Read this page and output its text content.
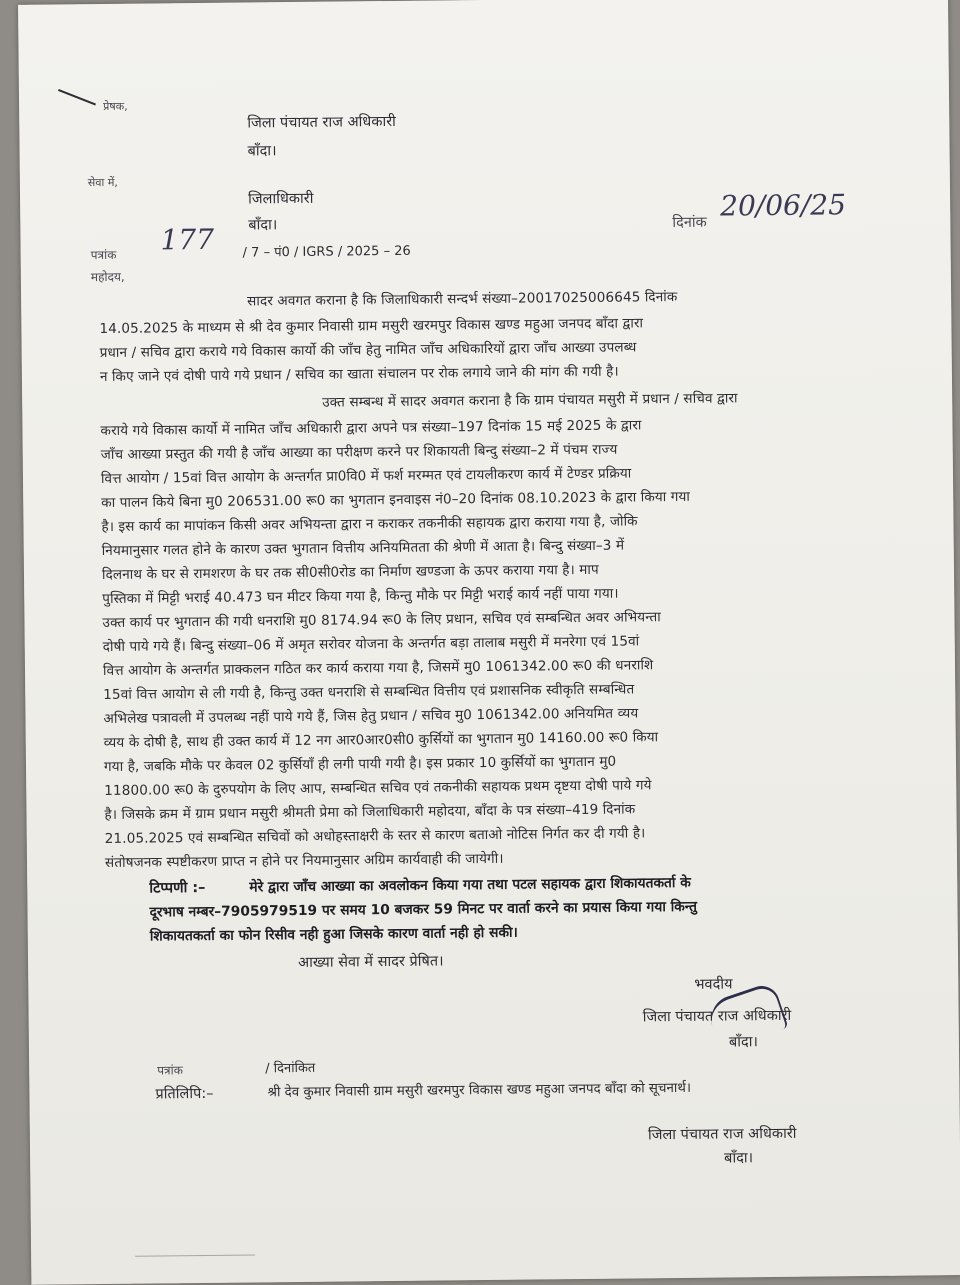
प्रेषक,
जिला पंचायत राज अधिकारी
बाँदा।
सेवा में,
जिलाधिकारी
बाँदा।	दिनांक
20/06/25
पत्रांक 177 / 7 – पं0 / IGRS / 2025 – 26
महोदय,
सादर अवगत कराना है कि जिलाधिकारी सन्दर्भ संख्या–20017025006645 दिनांक
14.05.2025 के माध्यम से श्री देव कुमार निवासी ग्राम मसुरी खरमपुर विकास खण्ड महुआ जनपद बाँदा द्वारा
प्रधान / सचिव द्वारा कराये गये विकास कार्यो की जाँच हेतु नामित जाँच अधिकारियों द्वारा जाँच आख्या उपलब्ध
न किए जाने एवं दोषी पाये गये प्रधान / सचिव का खाता संचालन पर रोक लगाये जाने की मांग की गयी है।
उक्त सम्बन्ध में सादर अवगत कराना है कि ग्राम पंचायत मसुरी में प्रधान / सचिव द्वारा
कराये गये विकास कार्यो में नामित जाँच अधिकारी द्वारा अपने पत्र संख्या–197 दिनांक 15 मई 2025 के द्वारा
जाँच आख्या प्रस्तुत की गयी है जाँच आख्या का परीक्षण करने पर शिकायती बिन्दु संख्या–2 में पंचम राज्य
वित्त आयोग / 15वां वित्त आयोग के अन्तर्गत प्रा0वि0 में फर्श मरम्मत एवं टायलीकरण कार्य में टेण्डर प्रक्रिया
का पालन किये बिना मु0 206531.00 रू0 का भुगतान इनवाइस नं0–20 दिनांक 08.10.2023 के द्वारा किया गया
है। इस कार्य का मापांकन किसी अवर अभियन्ता द्वारा न कराकर तकनीकी सहायक द्वारा कराया गया है, जोकि
नियमानुसार गलत होने के कारण उक्त भुगतान वित्तीय अनियमितता की श्रेणी में आता है। बिन्दु संख्या–3 में
दिलनाथ के घर से रामशरण के घर तक सी0सी0रोड का निर्माण खण्डजा के ऊपर कराया गया है। माप
पुस्तिका में मिट्टी भराई 40.473 घन मीटर किया गया है, किन्तु मौके पर मिट्टी भराई कार्य नहीं पाया गया।
उक्त कार्य पर भुगतान की गयी धनराशि मु0 8174.94 रू0 के लिए प्रधान, सचिव एवं सम्बन्धित अवर अभियन्ता
दोषी पाये गये हैं। बिन्दु संख्या–06 में अमृत सरोवर योजना के अन्तर्गत बड़ा तालाब मसुरी में मनरेगा एवं 15वां
वित्त आयोग के अन्तर्गत प्राक्कलन गठित कर कार्य कराया गया है, जिसमें मु0 1061342.00 रू0 की धनराशि
15वां वित्त आयोग से ली गयी है, किन्तु उक्त धनराशि से सम्बन्धित वित्तीय एवं प्रशासनिक स्वीकृति सम्बन्धित
अभिलेख पत्रावली में उपलब्ध नहीं पाये गये हैं, जिस हेतु प्रधान / सचिव मु0 1061342.00 अनियमित व्यय
व्यय के दोषी है, साथ ही उक्त कार्य में 12 नग आर0आर0सी0 कुर्सियों का भुगतान मु0 14160.00 रू0 किया
गया है, जबकि मौके पर केवल 02 कुर्सियाँ ही लगी पायी गयी है। इस प्रकार 10 कुर्सियों का भुगतान मु0
11800.00 रू0 के दुरुपयोग के लिए आप, सम्बन्धित सचिव एवं तकनीकी सहायक प्रथम दृष्टया दोषी पाये गये
है। जिसके क्रम में ग्राम प्रधान मसुरी श्रीमती प्रेमा को जिलाधिकारी महोदया, बाँदा के पत्र संख्या–419 दिनांक
21.05.2025 एवं सम्बन्धित सचिवों को अधोहस्ताक्षरी के स्तर से कारण बताओ नोटिस निर्गत कर दी गयी है।
संतोषजनक स्पष्टीकरण प्राप्त न होने पर नियमानुसार अग्रिम कार्यवाही की जायेगी।
टिप्पणी :–	मेरे द्वारा जाँच आख्या का अवलोकन किया गया तथा पटल सहायक द्वारा शिकायतकर्ता के
दूरभाष नम्बर–7905979519 पर समय 10 बजकर 59 मिनट पर वार्ता करने का प्रयास किया गया किन्तु
शिकायतकर्ता का फोन रिसीव नही हुआ जिसके कारण वार्ता नही हो सकी।
आख्या सेवा में सादर प्रेषित।
भवदीय
जिला पंचायत राज अधिकारी
बाँदा।
पत्रांक	/ दिनांकित
प्रतिलिपि:–	श्री देव कुमार निवासी ग्राम मसुरी खरमपुर विकास खण्ड महुआ जनपद बाँदा को सूचनार्थ।
जिला पंचायत राज अधिकारी
बाँदा।
